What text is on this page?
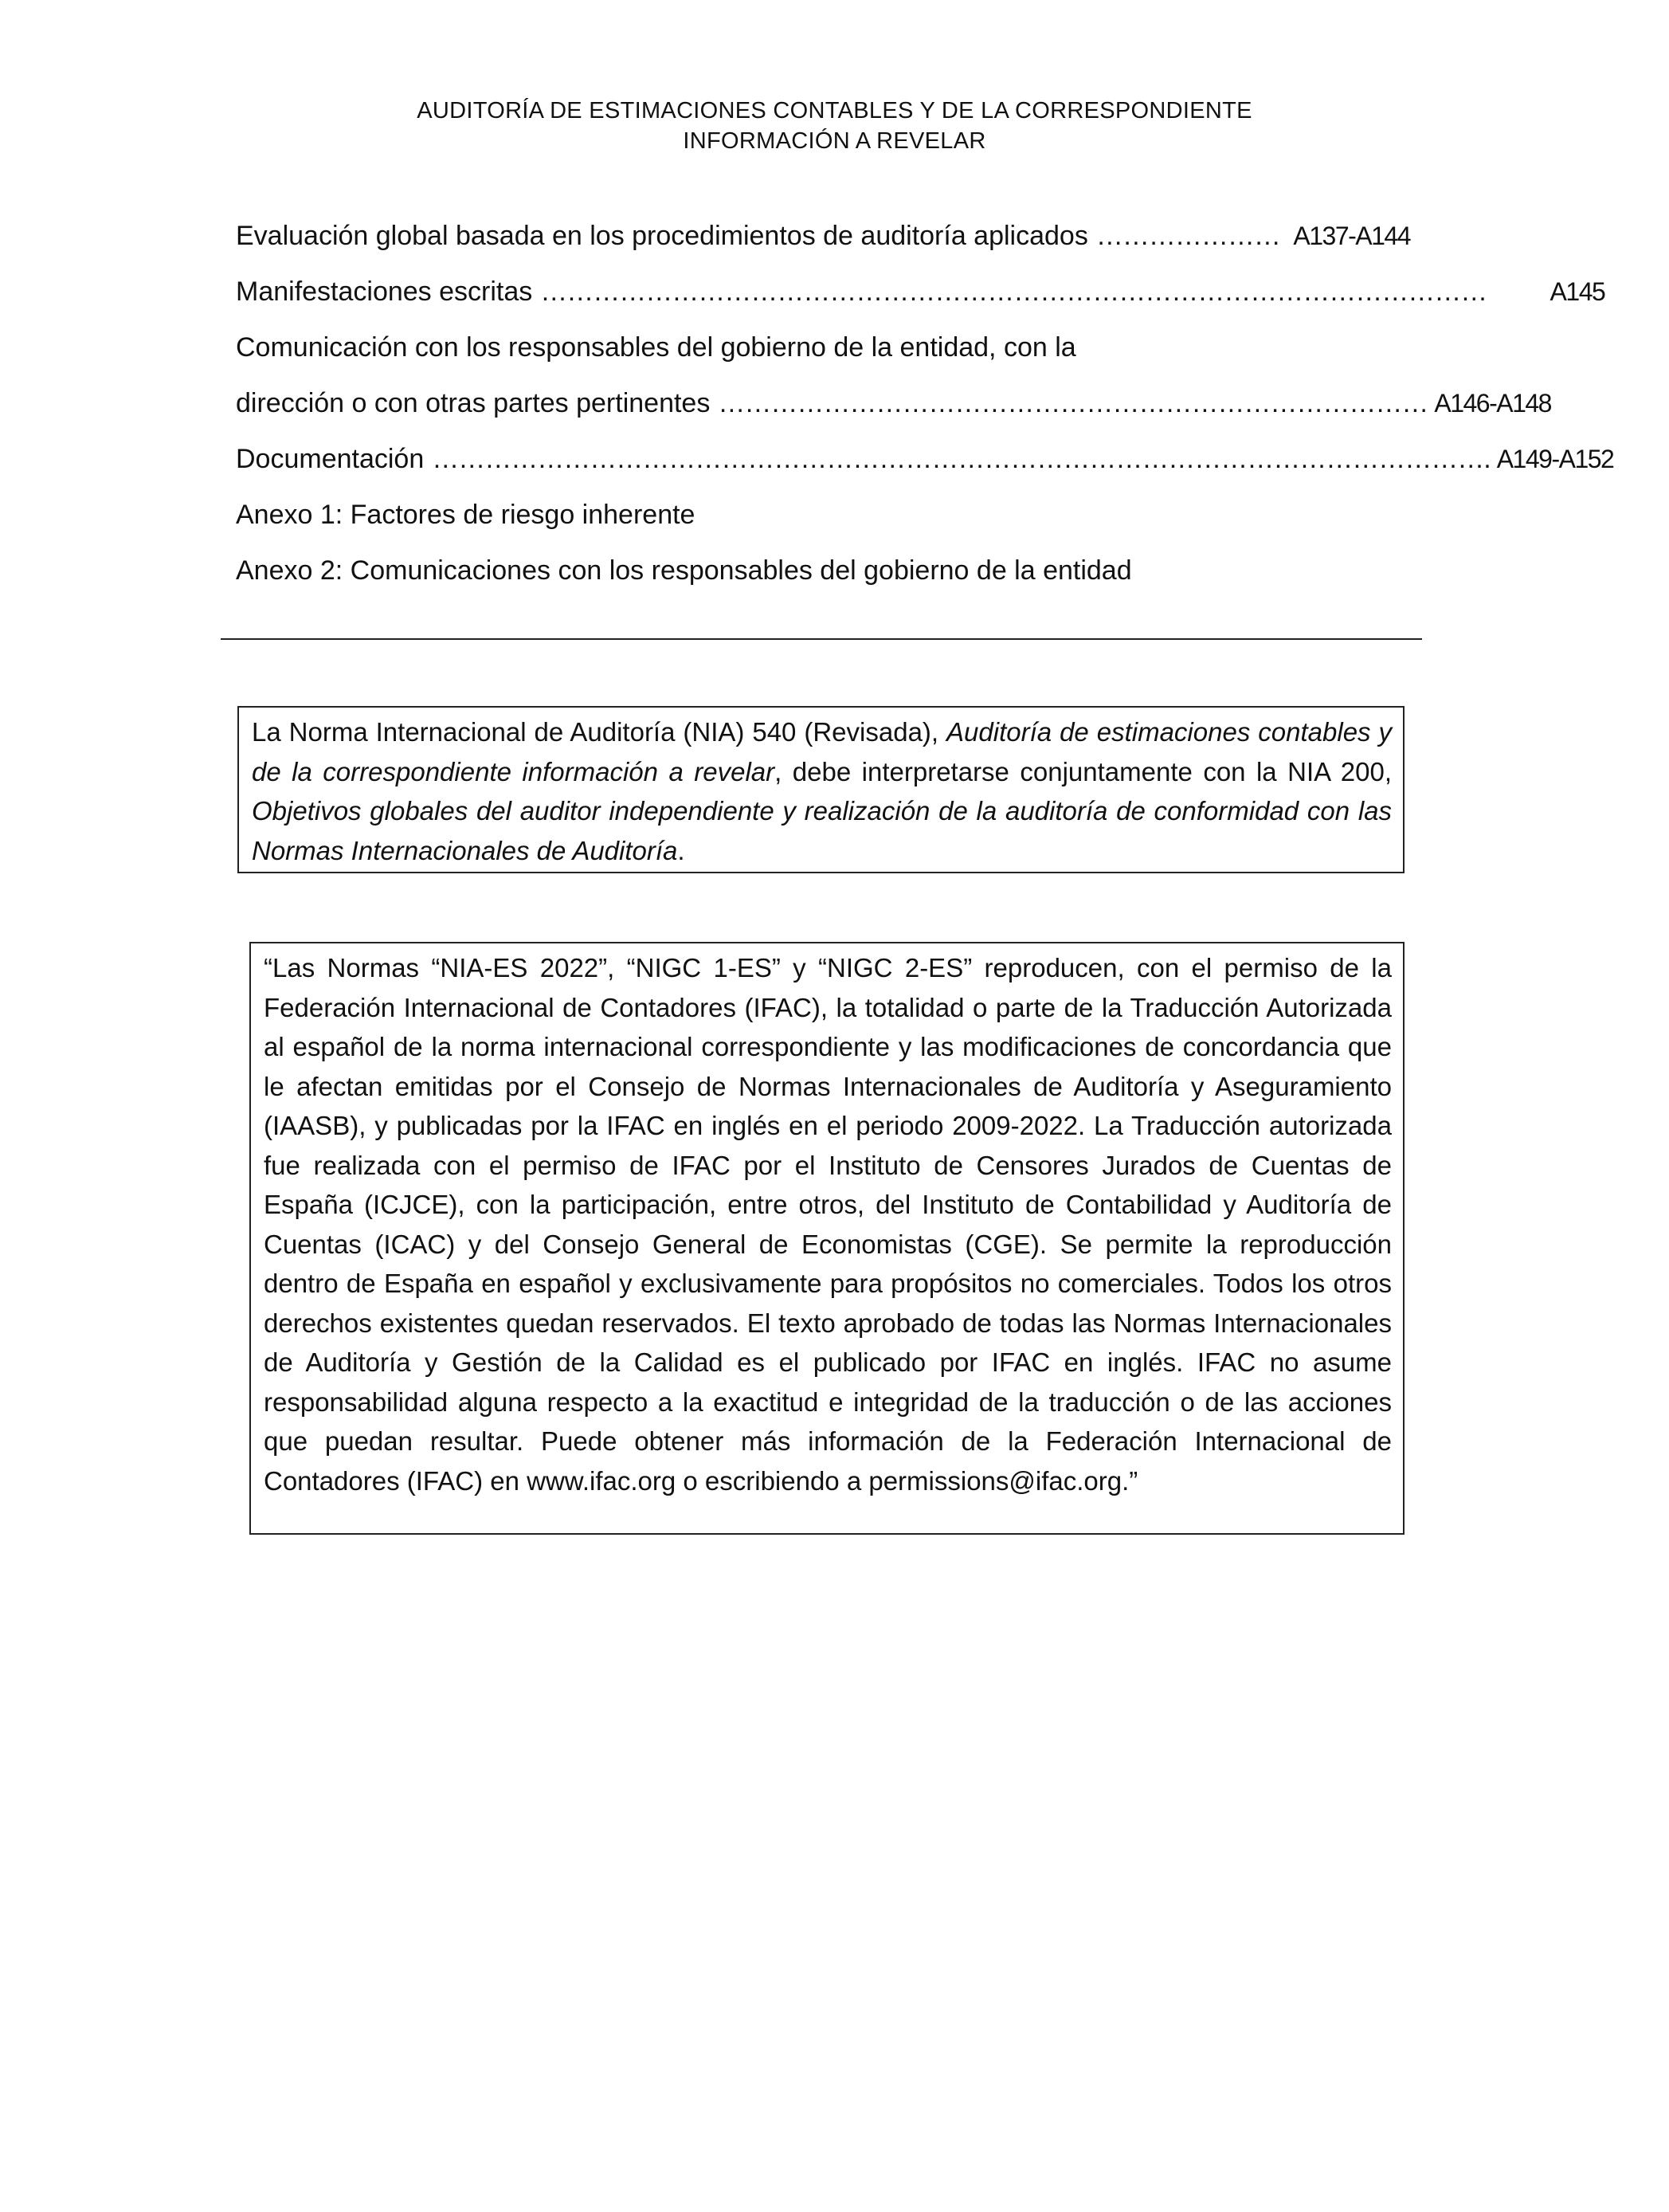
AUDITORÍA DE ESTIMACIONES CONTABLES Y DE LA CORRESPONDIENTE
INFORMACIÓN A REVELAR
Evaluación global basada en los procedimientos de auditoría aplicados ………………… A137-A144
Manifestaciones escritas ………………………………………………………………………………………………	A145
Comunicación con los responsables del gobierno de la entidad, con la
dirección o con otras partes pertinentes ……………………………………………………………………… A146-A148
Documentación …………………………………………………………………………………………………………. A149-A152
Anexo 1: Factores de riesgo inherente
Anexo 2: Comunicaciones con los responsables del gobierno de la entidad

La Norma Internacional de Auditoría (NIA) 540 (Revisada), Auditoría de estimaciones contables y de la correspondiente información a revelar, debe interpretarse conjuntamente con la NIA 200, Objetivos globales del auditor independiente y realización de la auditoría de conformidad con las Normas Internacionales de Auditoría.

“Las Normas “NIA-ES 2022”, “NIGC 1-ES” y “NIGC 2-ES” reproducen, con el permiso de la Federación Internacional de Contadores (IFAC), la totalidad o parte de la Traducción Autorizada al español de la norma internacional correspondiente y las modificaciones de concordancia que le afectan emitidas por el Consejo de Normas Internacionales de Auditoría y Aseguramiento (IAASB), y publicadas por la IFAC en inglés en el periodo 2009-2022. La Traducción autorizada fue realizada con el permiso de IFAC por el Instituto de Censores Jurados de Cuentas de España (ICJCE), con la participación, entre otros, del Instituto de Contabilidad y Auditoría de Cuentas (ICAC) y del Consejo General de Economistas (CGE). Se permite la reproducción dentro de España en español y exclusivamente para propósitos no comerciales. Todos los otros derechos existentes quedan reservados. El texto aprobado de todas las Normas Internacionales de Auditoría y Gestión de la Calidad es el publicado por IFAC en inglés. IFAC no asume responsabilidad alguna respecto a la exactitud e integridad de la traducción o de las acciones que puedan resultar. Puede obtener más información de la Federación Internacional de Contadores (IFAC) en www.ifac.org o escribiendo a permissions@ifac.org.”
